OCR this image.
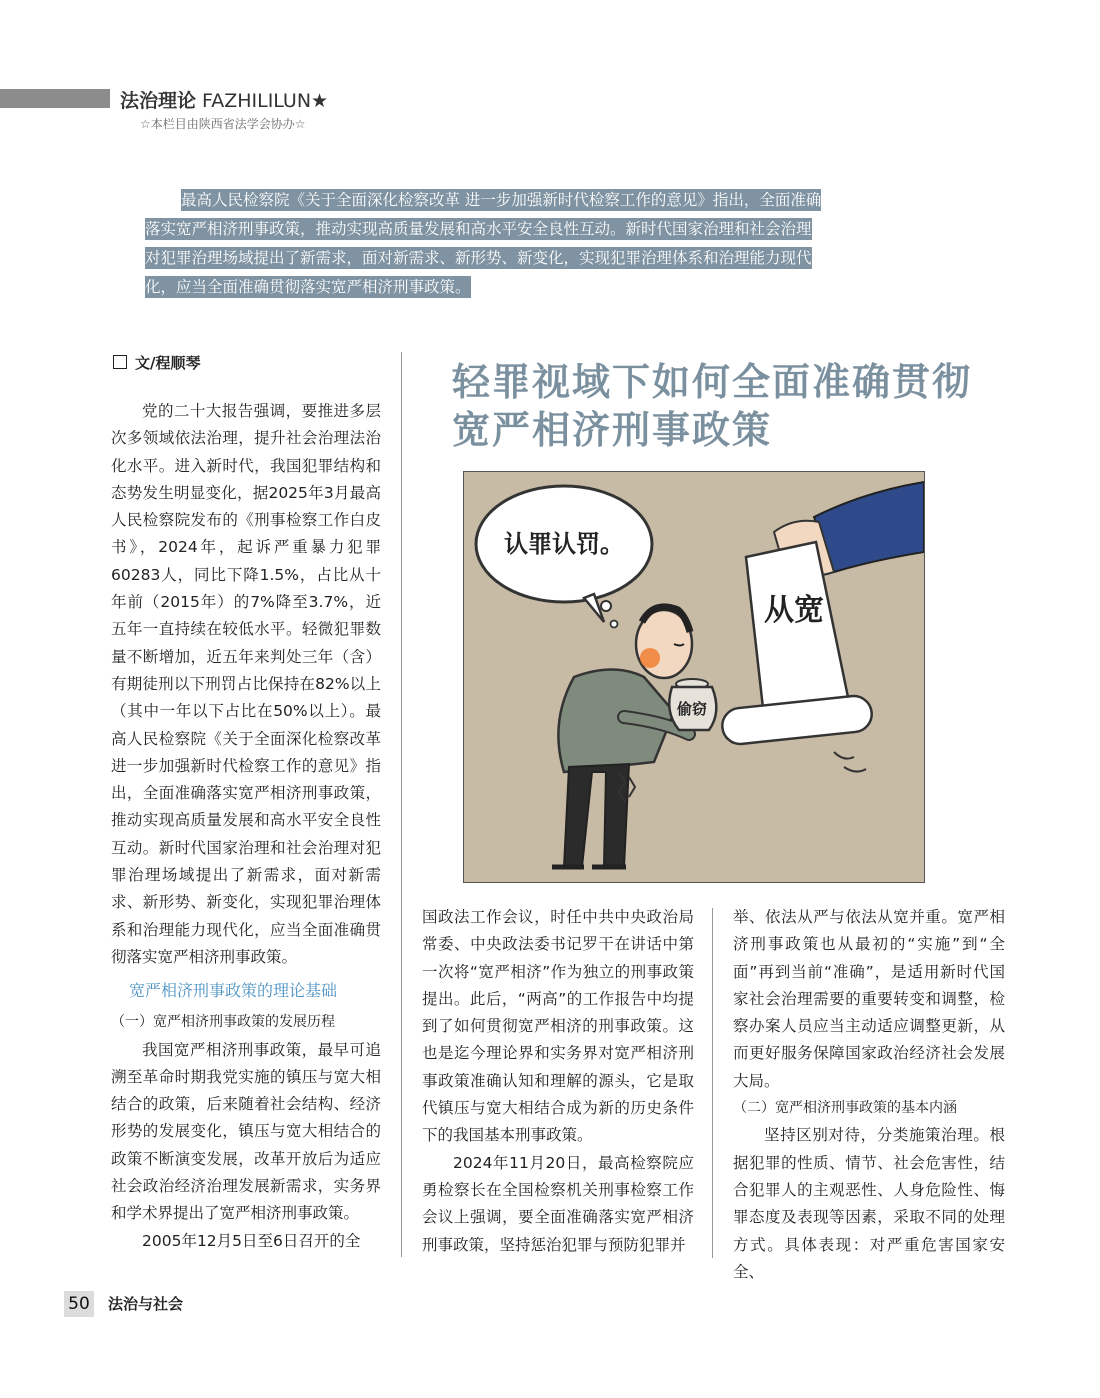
法治理论 FAZHILILUN★
☆本栏目由陕西省法学会协办☆

最高人民检察院《关于全面深化检察改革 进一步加强新时代检察工作的意见》指出，全面准确落实宽严相济刑事政策，推动实现高质量发展和高水平安全良性互动。新时代国家治理和社会治理对犯罪治理场域提出了新需求，面对新需求、新形势、新变化，实现犯罪治理体系和治理能力现代化，应当全面准确贯彻落实宽严相济刑事政策。

文/程顺琴	轻罪视域下如何全面准确贯彻
宽严相济刑事政策
认罪认罚。
从宽
偷窃

党的二十大报告强调，要推进多层次多领域依法治理，提升社会治理法治化水平。进入新时代，我国犯罪结构和态势发生明显变化，据2025年3月最高人民检察院发布的《刑事检察工作白皮书》，2024年，起诉严重暴力犯罪60283人，同比下降1.5%，占比从十年前（2015年）的7%降至3.7%，近五年一直持续在较低水平。轻微犯罪数量不断增加，近五年来判处三年（含）有期徒刑以下刑罚占比保持在82%以上（其中一年以下占比在50%以上）。最高人民检察院《关于全面深化检察改革 进一步加强新时代检察工作的意见》指出，全面准确落实宽严相济刑事政策，推动实现高质量发展和高水平安全良性互动。新时代国家治理和社会治理对犯罪治理场域提出了新需求，面对新需求、新形势、新变化，实现犯罪治理体系和治理能力现代化，应当全面准确贯彻落实宽严相济刑事政策。

宽严相济刑事政策的理论基础

（一）宽严相济刑事政策的发展历程

我国宽严相济刑事政策，最早可追溯至革命时期我党实施的镇压与宽大相结合的政策，后来随着社会结构、经济形势的发展变化，镇压与宽大相结合的政策不断演变发展，改革开放后为适应社会政治经济治理发展新需求，实务界和学术界提出了宽严相济刑事政策。

2005年12月5日至6日召开的全

国政法工作会议，时任中共中央政治局常委、中央政法委书记罗干在讲话中第一次将“宽严相济”作为独立的刑事政策提出。此后，“两高”的工作报告中均提到了如何贯彻宽严相济的刑事政策。这也是迄今理论界和实务界对宽严相济刑事政策准确认知和理解的源头，它是取代镇压与宽大相结合成为新的历史条件下的我国基本刑事政策。

2024年11月20日，最高检察院应勇检察长在全国检察机关刑事检察工作会议上强调，要全面准确落实宽严相济刑事政策，坚持惩治犯罪与预防犯罪并

举、依法从严与依法从宽并重。宽严相济刑事政策也从最初的“实施”到“全面”再到当前“准确”，是适用新时代国家社会治理需要的重要转变和调整，检察办案人员应当主动适应调整更新，从而更好服务保障国家政治经济社会发展大局。

（二）宽严相济刑事政策的基本内涵

坚持区别对待，分类施策治理。根据犯罪的性质、情节、社会危害性，结合犯罪人的主观恶性、人身危险性、悔罪态度及表现等因素，采取不同的处理方式。具体表现：对严重危害国家安全、

50 法治与社会
